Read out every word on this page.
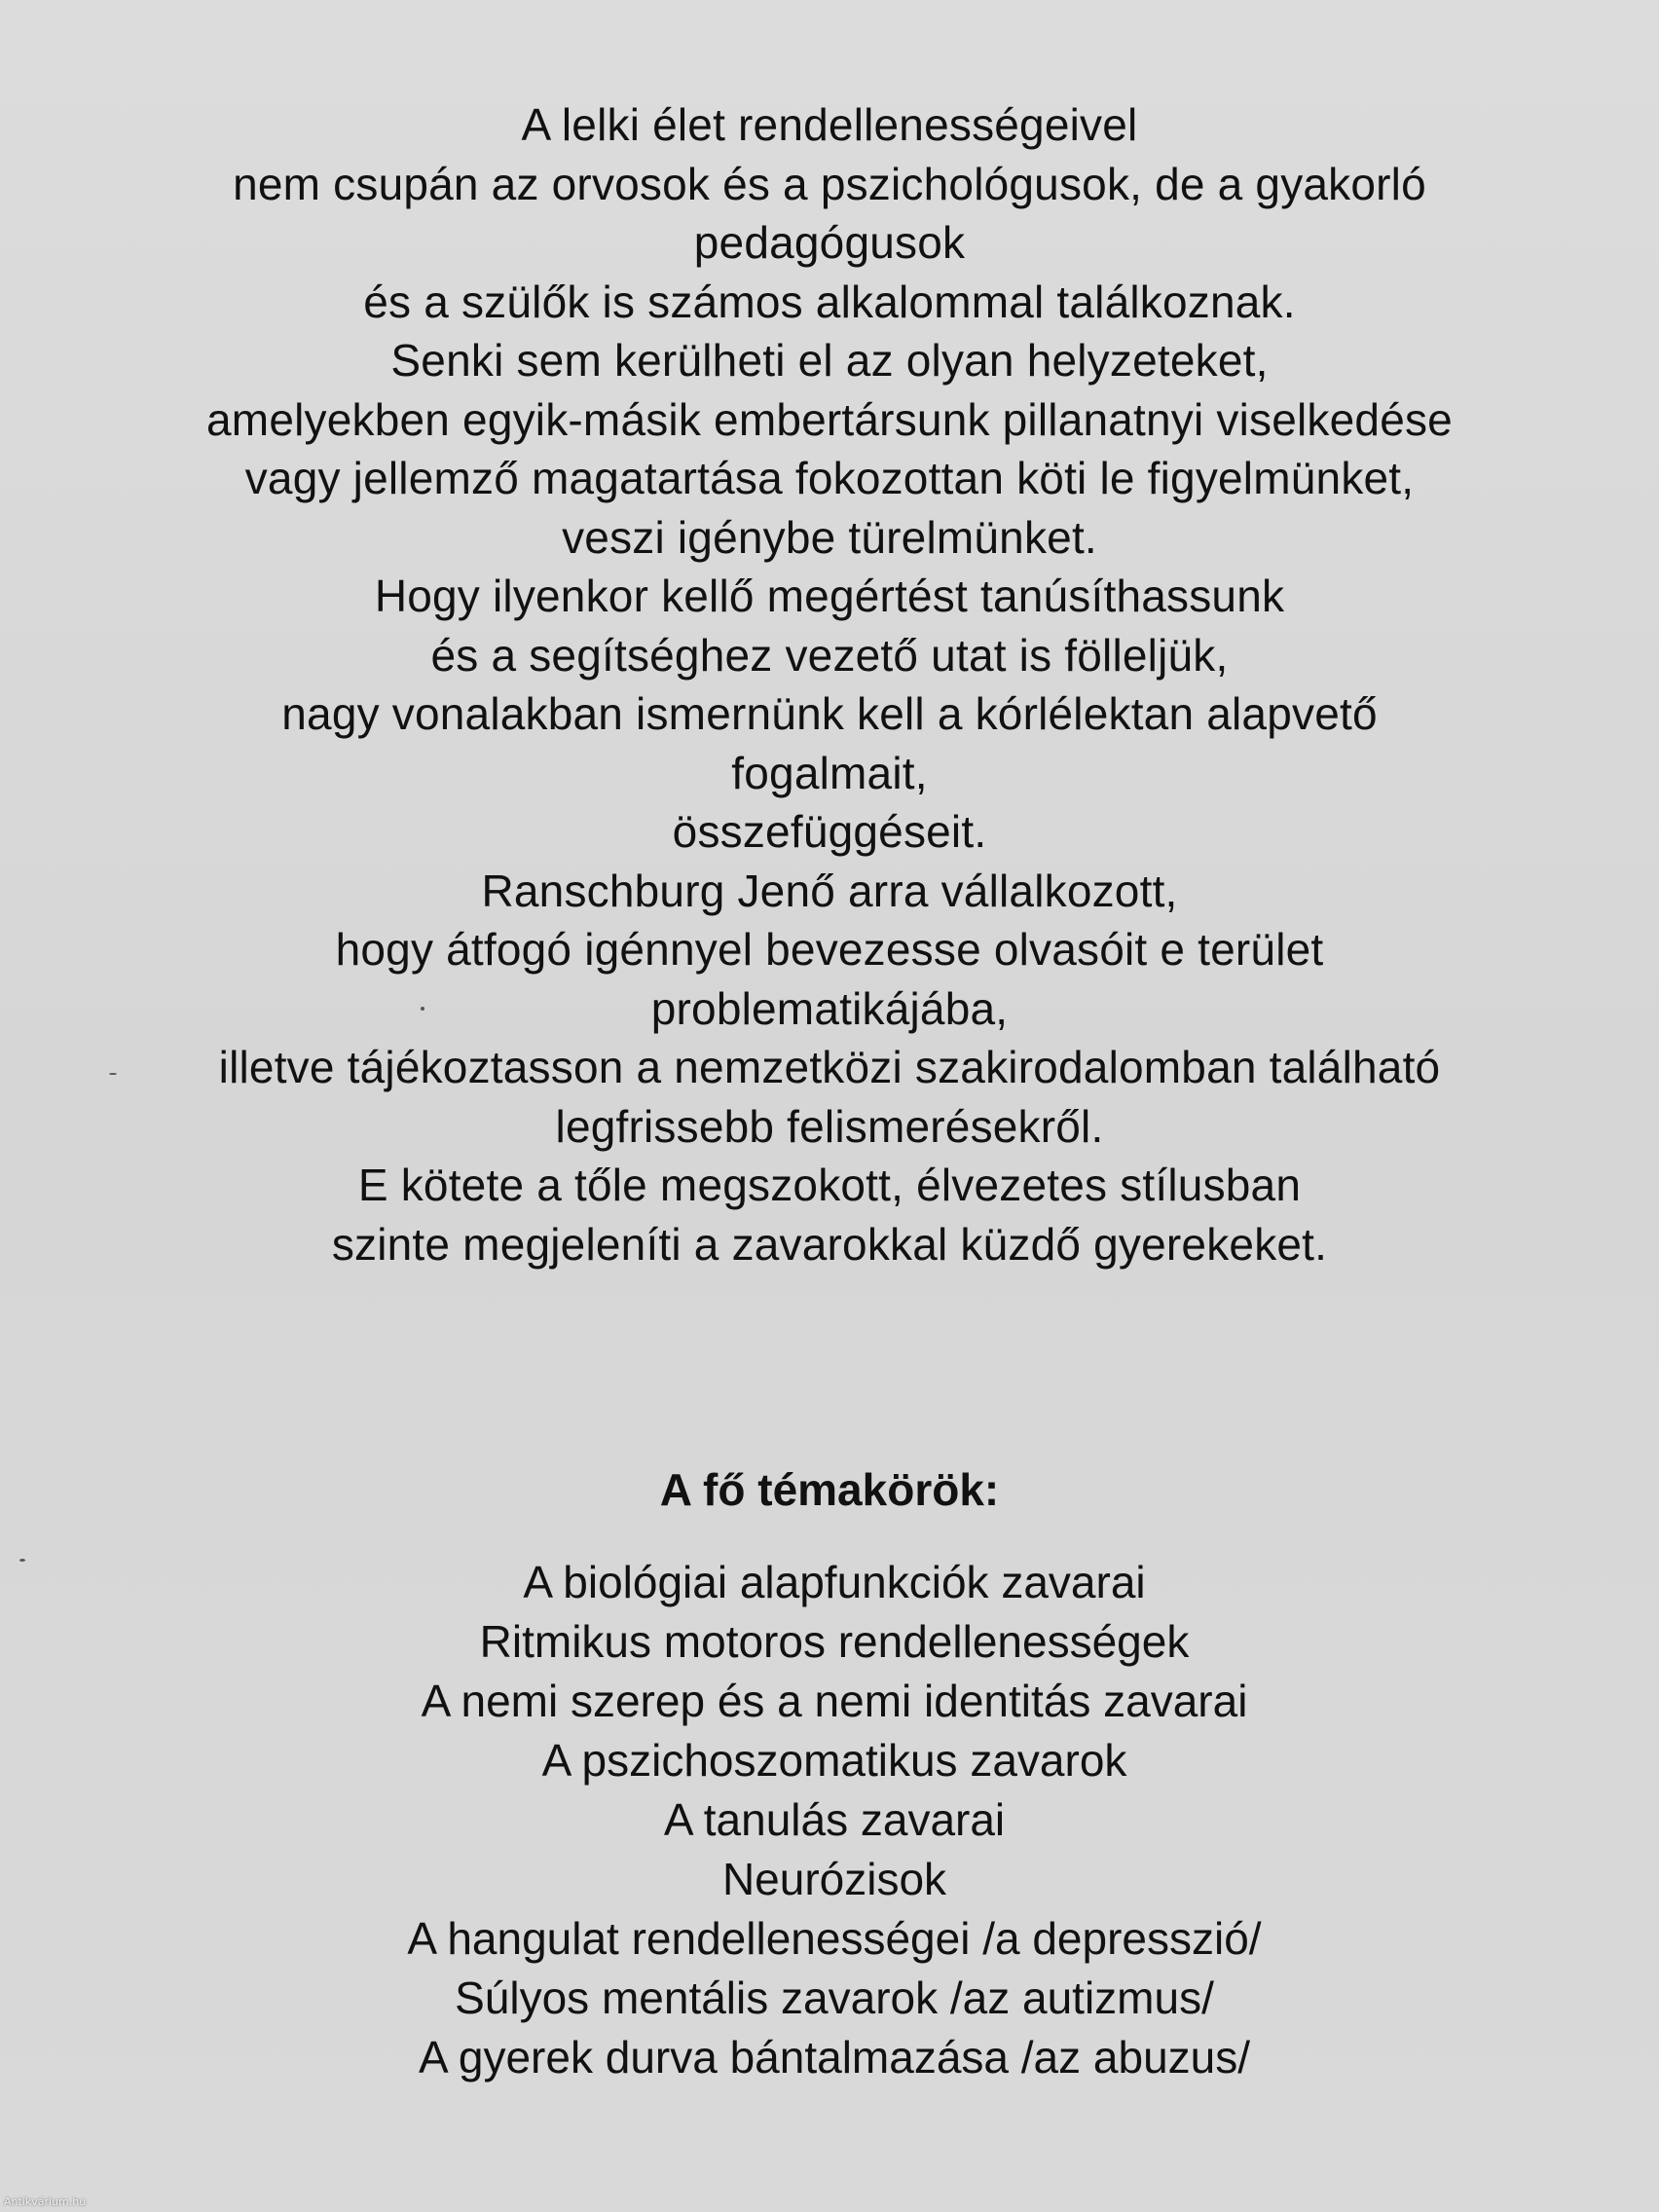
A lelki élet rendellenességeivel
nem csupán az orvosok és a pszichológusok, de a gyakorló
pedagógusok
és a szülők is számos alkalommal találkoznak.
Senki sem kerülheti el az olyan helyzeteket,
amelyekben egyik-másik embertársunk pillanatnyi viselkedése
vagy jellemző magatartása fokozottan köti le figyelmünket,
veszi igénybe türelmünket.
Hogy ilyenkor kellő megértést tanúsíthassunk
és a segítséghez vezető utat is fölleljük,
nagy vonalakban ismernünk kell a kórlélektan alapvető
fogalmait,
összefüggéseit.
Ranschburg Jenő arra vállalkozott,
hogy átfogó igénnyel bevezesse olvasóit e terület
problematikájába,
illetve tájékoztasson a nemzetközi szakirodalomban található
legfrissebb felismerésekről.
E kötete a tőle megszokott, élvezetes stílusban
szinte megjeleníti a zavarokkal küzdő gyerekeket.
A fő témakörök:
A biológiai alapfunkciók zavarai
Ritmikus motoros rendellenességek
A nemi szerep és a nemi identitás zavarai
A pszichoszomatikus zavarok
A tanulás zavarai
Neurózisok
A hangulat rendellenességei /a depresszió/
Súlyos mentális zavarok /az autizmus/
A gyerek durva bántalmazása /az abuzus/
Antikvárium.hu
